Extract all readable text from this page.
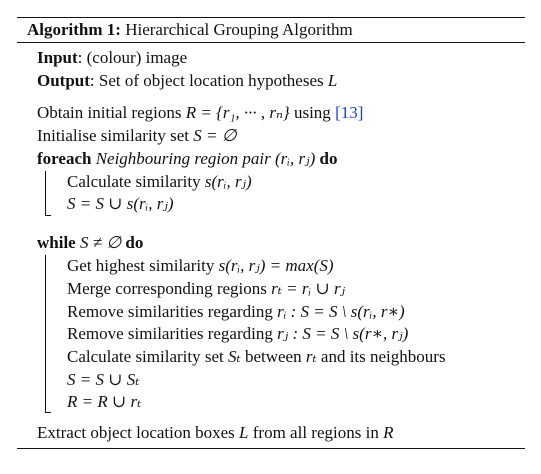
Algorithm 1: Hierarchical Grouping Algorithm
Input: (colour) image
Output: Set of object location hypotheses L
Obtain initial regions R = {r₁, ··· , rₙ} using [13]
Initialise similarity set S = ∅
foreach Neighbouring region pair (rᵢ, rⱼ) do
Calculate similarity s(rᵢ, rⱼ)
S = S ∪ s(rᵢ, rⱼ)
while S ≠ ∅ do
Get highest similarity s(rᵢ, rⱼ) = max(S)
Merge corresponding regions rₜ = rᵢ ∪ rⱼ
Remove similarities regarding rᵢ : S = S \ s(rᵢ, r∗)
Remove similarities regarding rⱼ : S = S \ s(r∗, rⱼ)
Calculate similarity set Sₜ between rₜ and its neighbours
S = S ∪ Sₜ
R = R ∪ rₜ
Extract object location boxes L from all regions in R
